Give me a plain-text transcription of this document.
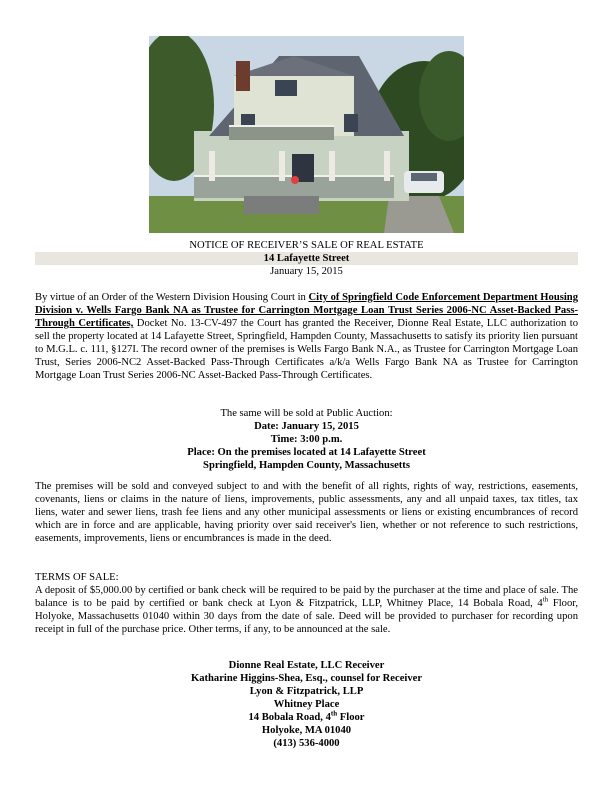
NOTICE OF RECEIVER’S SALE OF REAL ESTATE
14 Lafayette Street
January 15, 2015
By virtue of an Order of the Western Division Housing Court in City of Springfield Code Enforcement Department Housing Division v. Wells Fargo Bank NA as Trustee for Carrington Mortgage Loan Trust Series 2006-NC Asset-Backed Pass-Through Certificates, Docket No. 13-CV-497 the Court has granted the Receiver, Dionne Real Estate, LLC authorization to sell the property located at 14 Lafayette Street, Springfield, Hampden County, Massachusetts to satisfy its priority lien pursuant to M.G.L. c. 111, §127I. The record owner of the premises is Wells Fargo Bank N.A., as Trustee for Carrington Mortgage Loan Trust, Series 2006-NC2 Asset-Backed Pass-Through Certificates a/k/a Wells Fargo Bank NA as Trustee for Carrington Mortgage Loan Trust Series 2006-NC Asset-Backed Pass-Through Certificates.
The same will be sold at Public Auction:
Date: January 15, 2015
Time: 3:00 p.m.
Place: On the premises located at 14 Lafayette Street
Springfield, Hampden County, Massachusetts
The premises will be sold and conveyed subject to and with the benefit of all rights, rights of way, restrictions, easements, covenants, liens or claims in the nature of liens, improvements, public assessments, any and all unpaid taxes, tax titles, tax liens, water and sewer liens, trash fee liens and any other municipal assessments or liens or existing encumbrances of record which are in force and are applicable, having priority over said receiver's lien, whether or not reference to such restrictions, easements, improvements, liens or encumbrances is made in the deed.
TERMS OF SALE:
A deposit of $5,000.00 by certified or bank check will be required to be paid by the purchaser at the time and place of sale. The balance is to be paid by certified or bank check at Lyon & Fitzpatrick, LLP, Whitney Place, 14 Bobala Road, 4th Floor, Holyoke, Massachusetts 01040 within 30 days from the date of sale. Deed will be provided to purchaser for recording upon receipt in full of the purchase price. Other terms, if any, to be announced at the sale.
Dionne Real Estate, LLC Receiver
Katharine Higgins-Shea, Esq., counsel for Receiver
Lyon & Fitzpatrick, LLP
Whitney Place
14 Bobala Road, 4th Floor
Holyoke, MA 01040
(413) 536-4000
